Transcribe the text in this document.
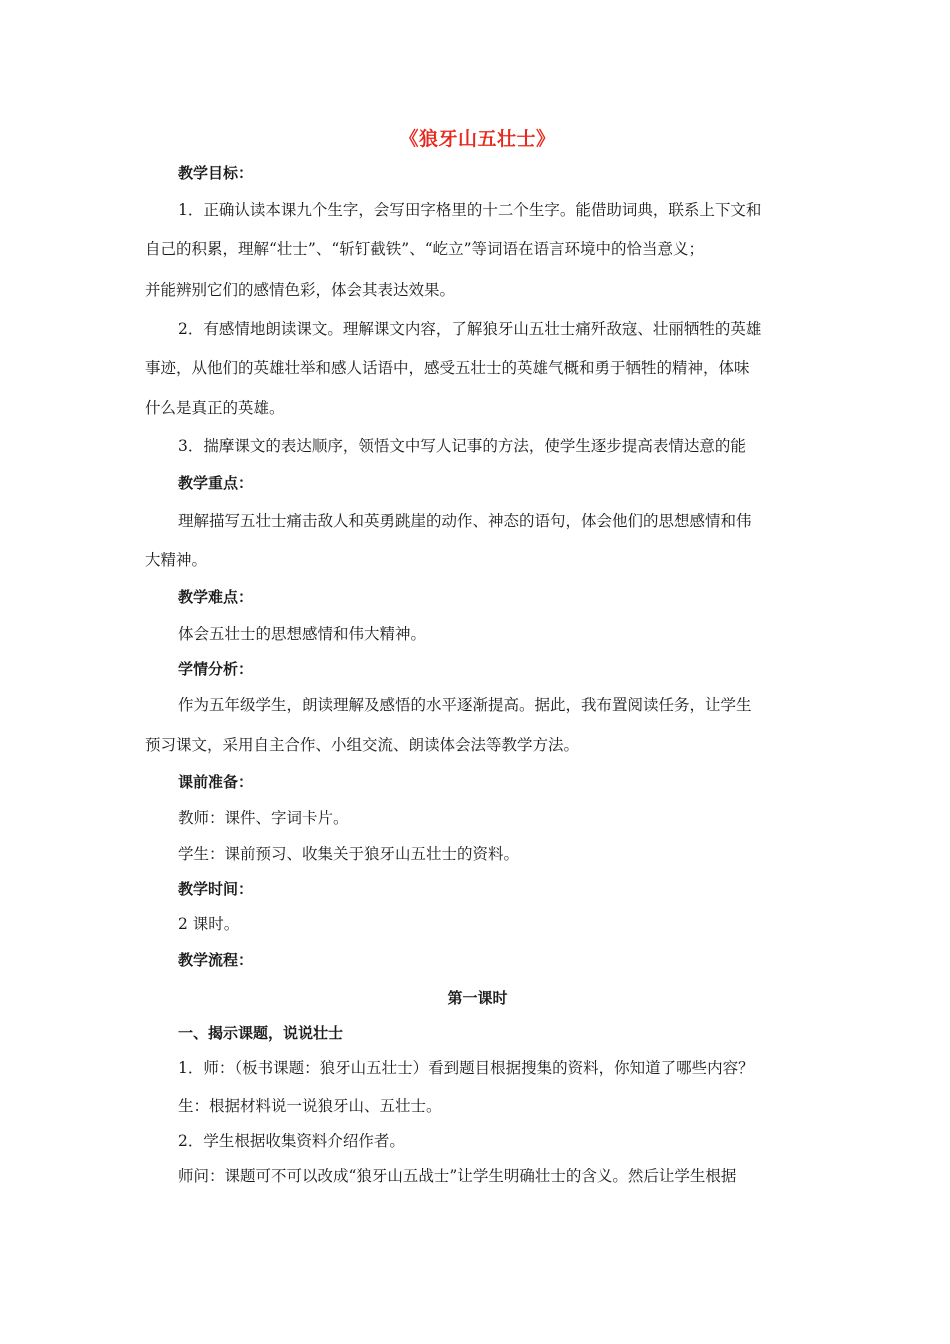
《狼牙山五壮士》
教学目标：
1．正确认读本课九个生字，会写田字格里的十二个生字。能借助词典，联系上下文和
自己的积累，理解“壮士”、“斩钉截铁”、“屹立”等词语在语言环境中的恰当意义；
并能辨别它们的感情色彩，体会其表达效果。
2．有感情地朗读课文。理解课文内容，了解狼牙山五壮士痛歼敌寇、壮丽牺牲的英雄
事迹，从他们的英雄壮举和感人话语中，感受五壮士的英雄气概和勇于牺牲的精神，体味
什么是真正的英雄。
3．揣摩课文的表达顺序，领悟文中写人记事的方法，使学生逐步提高表情达意的能
教学重点：
理解描写五壮士痛击敌人和英勇跳崖的动作、神态的语句，体会他们的思想感情和伟
大精神。
教学难点：
体会五壮士的思想感情和伟大精神。
学情分析：
作为五年级学生，朗读理解及感悟的水平逐渐提高。据此，我布置阅读任务，让学生
预习课文，采用自主合作、小组交流、朗读体会法等教学方法。
课前准备：
教师：课件、字词卡片。
学生：课前预习、收集关于狼牙山五壮士的资料。
教学时间：
2 课时。
教学流程：
第一课时
一、揭示课题，说说壮士
1．师：（板书课题：狼牙山五壮士）看到题目根据搜集的资料，你知道了哪些内容？
生：根据材料说一说狼牙山、五壮士。
2．学生根据收集资料介绍作者。
师问：课题可不可以改成“狼牙山五战士”让学生明确壮士的含义。然后让学生根据
